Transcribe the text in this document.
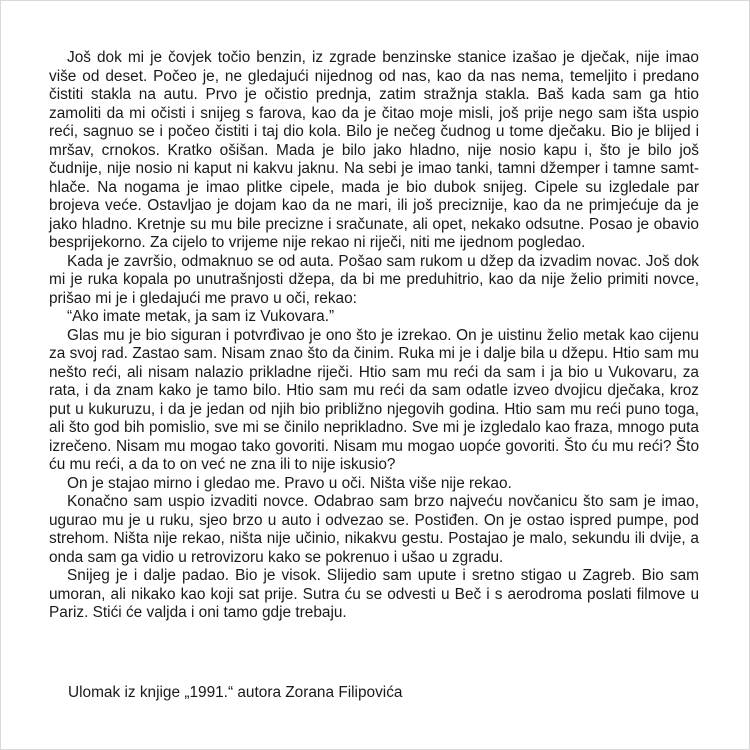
Još dok mi je čovjek točio benzin, iz zgrade benzinske stanice izašao je dječak, nije imao više od deset. Počeo je, ne gledajući nijednog od nas, kao da nas nema, temeljito i predano čistiti stakla na autu. Prvo je očistio prednja, zatim stražnja stakla. Baš kada sam ga htio zamoliti da mi očisti i snijeg s farova, kao da je čitao moje misli, još prije nego sam išta uspio reći, sagnuo se i počeo čistiti i taj dio kola. Bilo je nečeg čudnog u tome dječaku. Bio je blijed i mršav, crnokos. Kratko ošišan. Mada je bilo jako hladno, nije nosio kapu i, što je bilo još čudnije, nije nosio ni kaput ni kakvu jaknu. Na sebi je imao tanki, tamni džemper i tamne samt-hlače. Na nogama je imao plitke cipele, mada je bio dubok snijeg. Cipele su izgledale par brojeva veće. Ostavljao je dojam kao da ne mari, ili još preciznije, kao da ne primjećuje da je jako hladno. Kretnje su mu bile precizne i sračunate, ali opet, nekako odsutne. Posao je obavio besprijekorno. Za cijelo to vrijeme nije rekao ni riječi, niti me ijednom pogledao.

Kada je završio, odmaknuo se od auta. Pošao sam rukom u džep da izvadim novac. Još dok mi je ruka kopala po unutrašnjosti džepa, da bi me preduhitrio, kao da nije želio primiti novce, prišao mi je i gledajući me pravo u oči, rekao:

“Ako imate metak, ja sam iz Vukovara.”

Glas mu je bio siguran i potvrđivao je ono što je izrekao. On je uistinu želio metak kao cijenu za svoj rad. Zastao sam. Nisam znao što da činim. Ruka mi je i dalje bila u džepu. Htio sam mu nešto reći, ali nisam nalazio prikladne riječi. Htio sam mu reći da sam i ja bio u Vukovaru, za rata, i da znam kako je tamo bilo. Htio sam mu reći da sam odatle izveo dvojicu dječaka, kroz put u kukuruzu, i da je jedan od njih bio približno njegovih godina. Htio sam mu reći puno toga, ali što god bih pomislio, sve mi se činilo neprikladno. Sve mi je izgledalo kao fraza, mnogo puta izrečeno. Nisam mu mogao tako govoriti. Nisam mu mogao uopće govoriti. Što ću mu reći? Što ću mu reći, a da to on već ne zna ili to nije iskusio?

On je stajao mirno i gledao me. Pravo u oči. Ništa više nije rekao.

Konačno sam uspio izvaditi novce. Odabrao sam brzo najveću novčanicu što sam je imao, ugurao mu je u ruku, sjeo brzo u auto i odvezao se. Postiđen. On je ostao ispred pumpe, pod strehom. Ništa nije rekao, ništa nije učinio, nikakvu gestu. Postajao je malo, sekundu ili dvije, a onda sam ga vidio u retrovizoru kako se pokrenuo i ušao u zgradu.

Snijeg je i dalje padao. Bio je visok. Slijedio sam upute i sretno stigao u Zagreb. Bio sam umoran, ali nikako kao koji sat prije. Sutra ću se odvesti u Beč i s aerodroma poslati filmove u Pariz. Stići će valjda i oni tamo gdje trebaju.

Ulomak iz knjige „1991.“ autora Zorana Filipovića
